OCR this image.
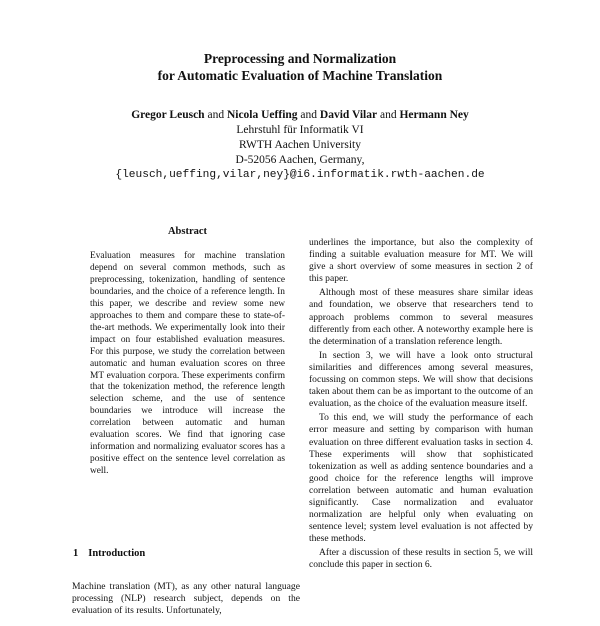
Preprocessing and Normalization
for Automatic Evaluation of Machine Translation
Gregor Leusch and Nicola Ueffing and David Vilar and Hermann Ney
Lehrstuhl für Informatik VI
RWTH Aachen University
D-52056 Aachen, Germany,
{leusch,ueffing,vilar,ney}@i6.informatik.rwth-aachen.de
Abstract

Evaluation measures for machine translation depend on several common methods, such as preprocessing, tokenization, handling of sentence boundaries, and the choice of a reference length. In this paper, we describe and review some new approaches to them and compare these to state-of-the-art methods. We experimentally look into their impact on four established evaluation measures. For this purpose, we study the correlation between automatic and human evaluation scores on three MT evaluation corpora. These experiments confirm that the tokenization method, the reference length selection scheme, and the use of sentence boundaries we introduce will increase the correlation between automatic and human evaluation scores. We find that ignoring case information and normalizing evaluator scores has a positive effect on the sentence level correlation as well.

1 Introduction

Machine translation (MT), as any other natural language processing (NLP) research subject, depends on the evaluation of its results. Unfortunately,

underlines the importance, but also the complexity of finding a suitable evaluation measure for MT. We will give a short overview of some measures in section 2 of this paper.

Although most of these measures share similar ideas and foundation, we observe that researchers tend to approach problems common to several measures differently from each other. A noteworthy example here is the determination of a translation reference length.

In section 3, we will have a look onto structural similarities and differences among several measures, focussing on common steps. We will show that decisions taken about them can be as important to the outcome of an evaluation, as the choice of the evaluation measure itself.

To this end, we will study the performance of each error measure and setting by comparison with human evaluation on three different evaluation tasks in section 4. These experiments will show that sophisticated tokenization as well as adding sentence boundaries and a good choice for the reference lengths will improve correlation between automatic and human evaluation significantly. Case normalization and evaluator normalization are helpful only when evaluating on sentence level; system level evaluation is not affected by these methods.

After a discussion of these results in section 5, we will conclude this paper in section 6.
